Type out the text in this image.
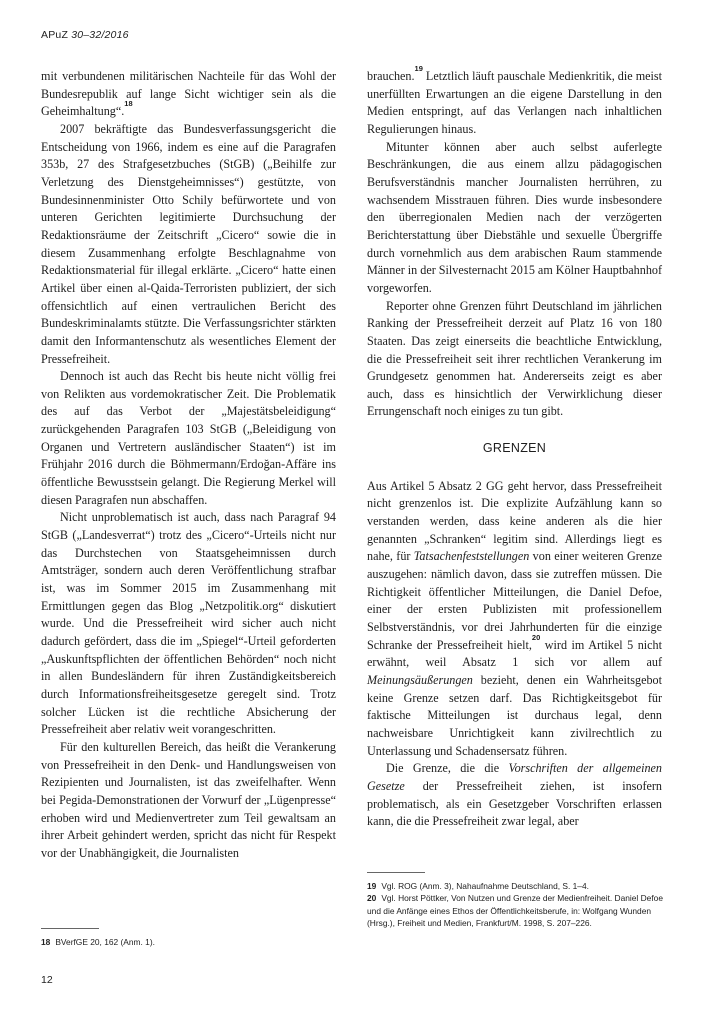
APuZ 30–32/2016

mit verbundenen militärischen Nachteile für das Wohl der Bundesrepublik auf lange Sicht wichtiger sein als die Geheimhaltung“.$^{18}$

2007 bekräftigte das Bundesverfassungsgericht die Entscheidung von 1966, indem es eine auf die Paragrafen 353b, 27 des Strafgesetzbuches (StGB) („Beihilfe zur Verletzung des Dienstgeheimnisses“) gestützte, von Bundesinnenminister Otto Schily befürwortete und von unteren Gerichten legitimierte Durchsuchung der Redaktionsräume der Zeitschrift „Cicero“ sowie die in diesem Zusammenhang erfolgte Beschlagnahme von Redaktionsmaterial für illegal erklärte. „Cicero“ hatte einen Artikel über einen al-Qaida-Terroristen publiziert, der sich offensichtlich auf einen vertraulichen Bericht des Bundeskriminalamts stützte. Die Verfassungsrichter stärkten damit den Informantenschutz als wesentliches Element der Pressefreiheit.

Dennoch ist auch das Recht bis heute nicht völlig frei von Relikten aus vordemokratischer Zeit. Die Problematik des auf das Verbot der „Majestätsbeleidigung“ zurückgehenden Paragrafen 103 StGB („Beleidigung von Organen und Vertretern ausländischer Staaten“) ist im Frühjahr 2016 durch die Böhmermann/Erdoğan-Affäre ins öffentliche Bewusstsein gelangt. Die Regierung Merkel will diesen Paragrafen nun abschaffen.

Nicht unproblematisch ist auch, dass nach Paragraf 94 StGB („Landesverrat“) trotz des „Cicero“-Urteils nicht nur das Durchstechen von Staatsgeheimnissen durch Amtsträger, sondern auch deren Veröffentlichung strafbar ist, was im Sommer 2015 im Zusammenhang mit Ermittlungen gegen das Blog „Netzpolitik.org“ diskutiert wurde. Und die Pressefreiheit wird sicher auch nicht dadurch gefördert, dass die im „Spiegel“-Urteil geforderten „Auskunftspflichten der öffentlichen Behörden“ noch nicht in allen Bundesländern für ihren Zuständigkeitsbereich durch Informationsfreiheitsgesetze geregelt sind. Trotz solcher Lücken ist die rechtliche Absicherung der Pressefreiheit aber relativ weit vorangeschritten.

Für den kulturellen Bereich, das heißt die Verankerung von Pressefreiheit in den Denk- und Handlungsweisen von Rezipienten und Journalisten, ist das zweifelhafter. Wenn bei Pegida-Demonstrationen der Vorwurf der „Lügenpresse“ erhoben wird und Medienvertreter zum Teil gewaltsam an ihrer Arbeit gehindert werden, spricht das nicht für Respekt vor der Unabhängigkeit, die Journalisten

brauchen.$^{19}$ Letztlich läuft pauschale Medienkritik, die meist unerfüllten Erwartungen an die eigene Darstellung in den Medien entspringt, auf das Verlangen nach inhaltlichen Regulierungen hinaus.

Mitunter können aber auch selbst auferlegte Beschränkungen, die aus einem allzu pädagogischen Berufsverständnis mancher Journalisten herrühren, zu wachsendem Misstrauen führen. Dies wurde insbesondere den überregionalen Medien nach der verzögerten Berichterstattung über Diebstähle und sexuelle Übergriffe durch vornehmlich aus dem arabischen Raum stammende Männer in der Silvesternacht 2015 am Kölner Hauptbahnhof vorgeworfen.

Reporter ohne Grenzen führt Deutschland im jährlichen Ranking der Pressefreiheit derzeit auf Platz 16 von 180 Staaten. Das zeigt einerseits die beachtliche Entwicklung, die die Pressefreiheit seit ihrer rechtlichen Verankerung im Grundgesetz genommen hat. Andererseits zeigt es aber auch, dass es hinsichtlich der Verwirklichung dieser Errungenschaft noch einiges zu tun gibt.

GRENZEN

Aus Artikel 5 Absatz 2 GG geht hervor, dass Pressefreiheit nicht grenzenlos ist. Die explizite Aufzählung kann so verstanden werden, dass keine anderen als die hier genannten „Schranken“ legitim sind. Allerdings liegt es nahe, für Tatsachenfeststellungen von einer weiteren Grenze auszugehen: nämlich davon, dass sie zutreffen müssen. Die Richtigkeit öffentlicher Mitteilungen, die Daniel Defoe, einer der ersten Publizisten mit professionellem Selbstverständnis, vor drei Jahrhunderten für die einzige Schranke der Pressefreiheit hielt,$^{20}$ wird im Artikel 5 nicht erwähnt, weil Absatz 1 sich vor allem auf Meinungsäußerungen bezieht, denen ein Wahrheitsgebot keine Grenze setzen darf. Das Richtigkeitsgebot für faktische Mitteilungen ist durchaus legal, denn nachweisbare Unrichtigkeit kann zivilrechtlich zu Unterlassung und Schadensersatz führen.

Die Grenze, die die Vorschriften der allgemeinen Gesetze der Pressefreiheit ziehen, ist insofern problematisch, als ein Gesetzgeber Vorschriften erlassen kann, die die Pressefreiheit zwar legal, aber

18 BVerfGE 20, 162 (Anm. 1).

19 Vgl. ROG (Anm. 3), Nahaufnahme Deutschland, S. 1–4.

20 Vgl. Horst Pöttker, Von Nutzen und Grenze der Medienfreiheit. Daniel Defoe und die Anfänge eines Ethos der Öffentlichkeitsberufe, in: Wolfgang Wunden (Hrsg.), Freiheit und Medien, Frankfurt/M. 1998, S. 207–226.

12
